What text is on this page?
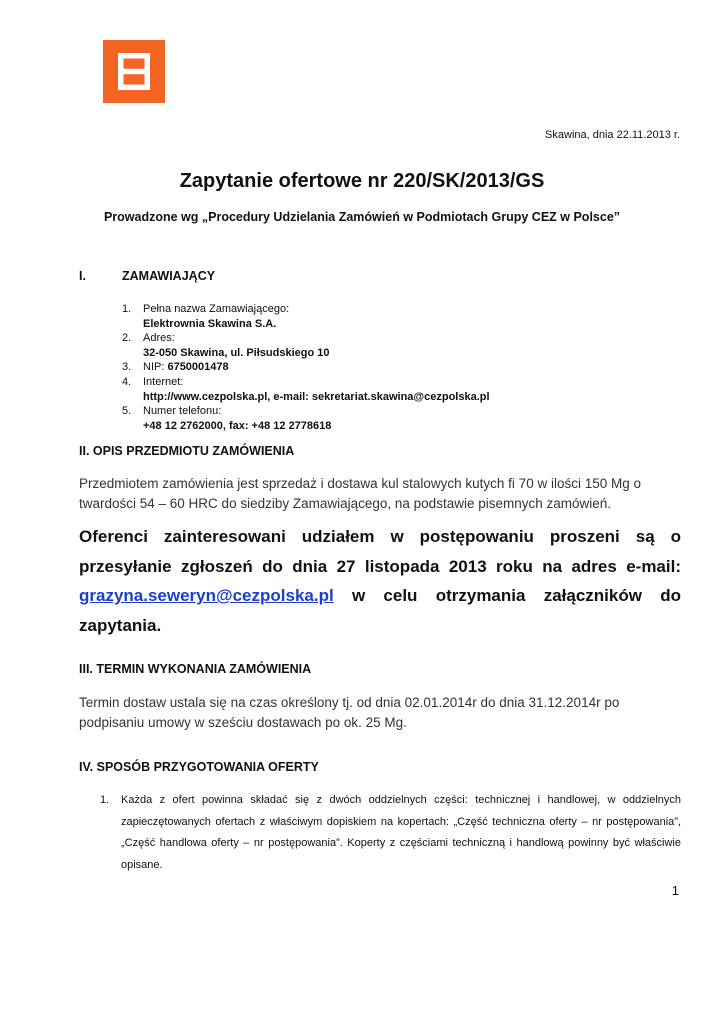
Skawina, dnia 22.11.2013 r.
Zapytanie ofertowe nr 220/SK/2013/GS
Prowadzone wg „Procedury Udzielania Zamówień w Podmiotach Grupy CEZ w Polsce”
I.	ZAMAWIAJĄCY
1. Pełna nazwa Zamawiającego:
Elektrownia Skawina S.A.
2. Adres:
32-050 Skawina, ul. Piłsudskiego 10
3. NIP: 6750001478
4. Internet:
http://www.cezpolska.pl, e-mail: sekretariat.skawina@cezpolska.pl
5. Numer telefonu:
+48 12 2762000, fax: +48 12 2778618
II. OPIS PRZEDMIOTU ZAMÓWIENIA
Przedmiotem zamówienia jest sprzedaż i dostawa kul stalowych kutych fi 70 w ilości 150 Mg o twardości 54 – 60 HRC do siedziby Zamawiającego, na podstawie pisemnych zamówień.
Oferenci zainteresowani udziałem w postępowaniu proszeni są o przesyłanie zgłoszeń do dnia 27 listopada 2013 roku na adres e-mail: grazyna.seweryn@cezpolska.pl w celu otrzymania załączników do zapytania.
III. TERMIN WYKONANIA ZAMÓWIENIA
Termin dostaw ustala się na czas określony tj. od dnia 02.01.2014r do dnia 31.12.2014r po podpisaniu umowy w sześciu dostawach po ok. 25 Mg.
IV. SPOSÓB PRZYGOTOWANIA OFERTY
1. Każda z ofert powinna składać się z dwóch oddzielnych części: technicznej i handlowej, w oddzielnych zapieczętowanych ofertach z właściwym dopiskiem na kopertach: „Część techniczna oferty – nr postępowania”, „Część handlowa oferty – nr postępowania”. Koperty z częściami techniczną i handlową powinny być właściwie opisane.
1
